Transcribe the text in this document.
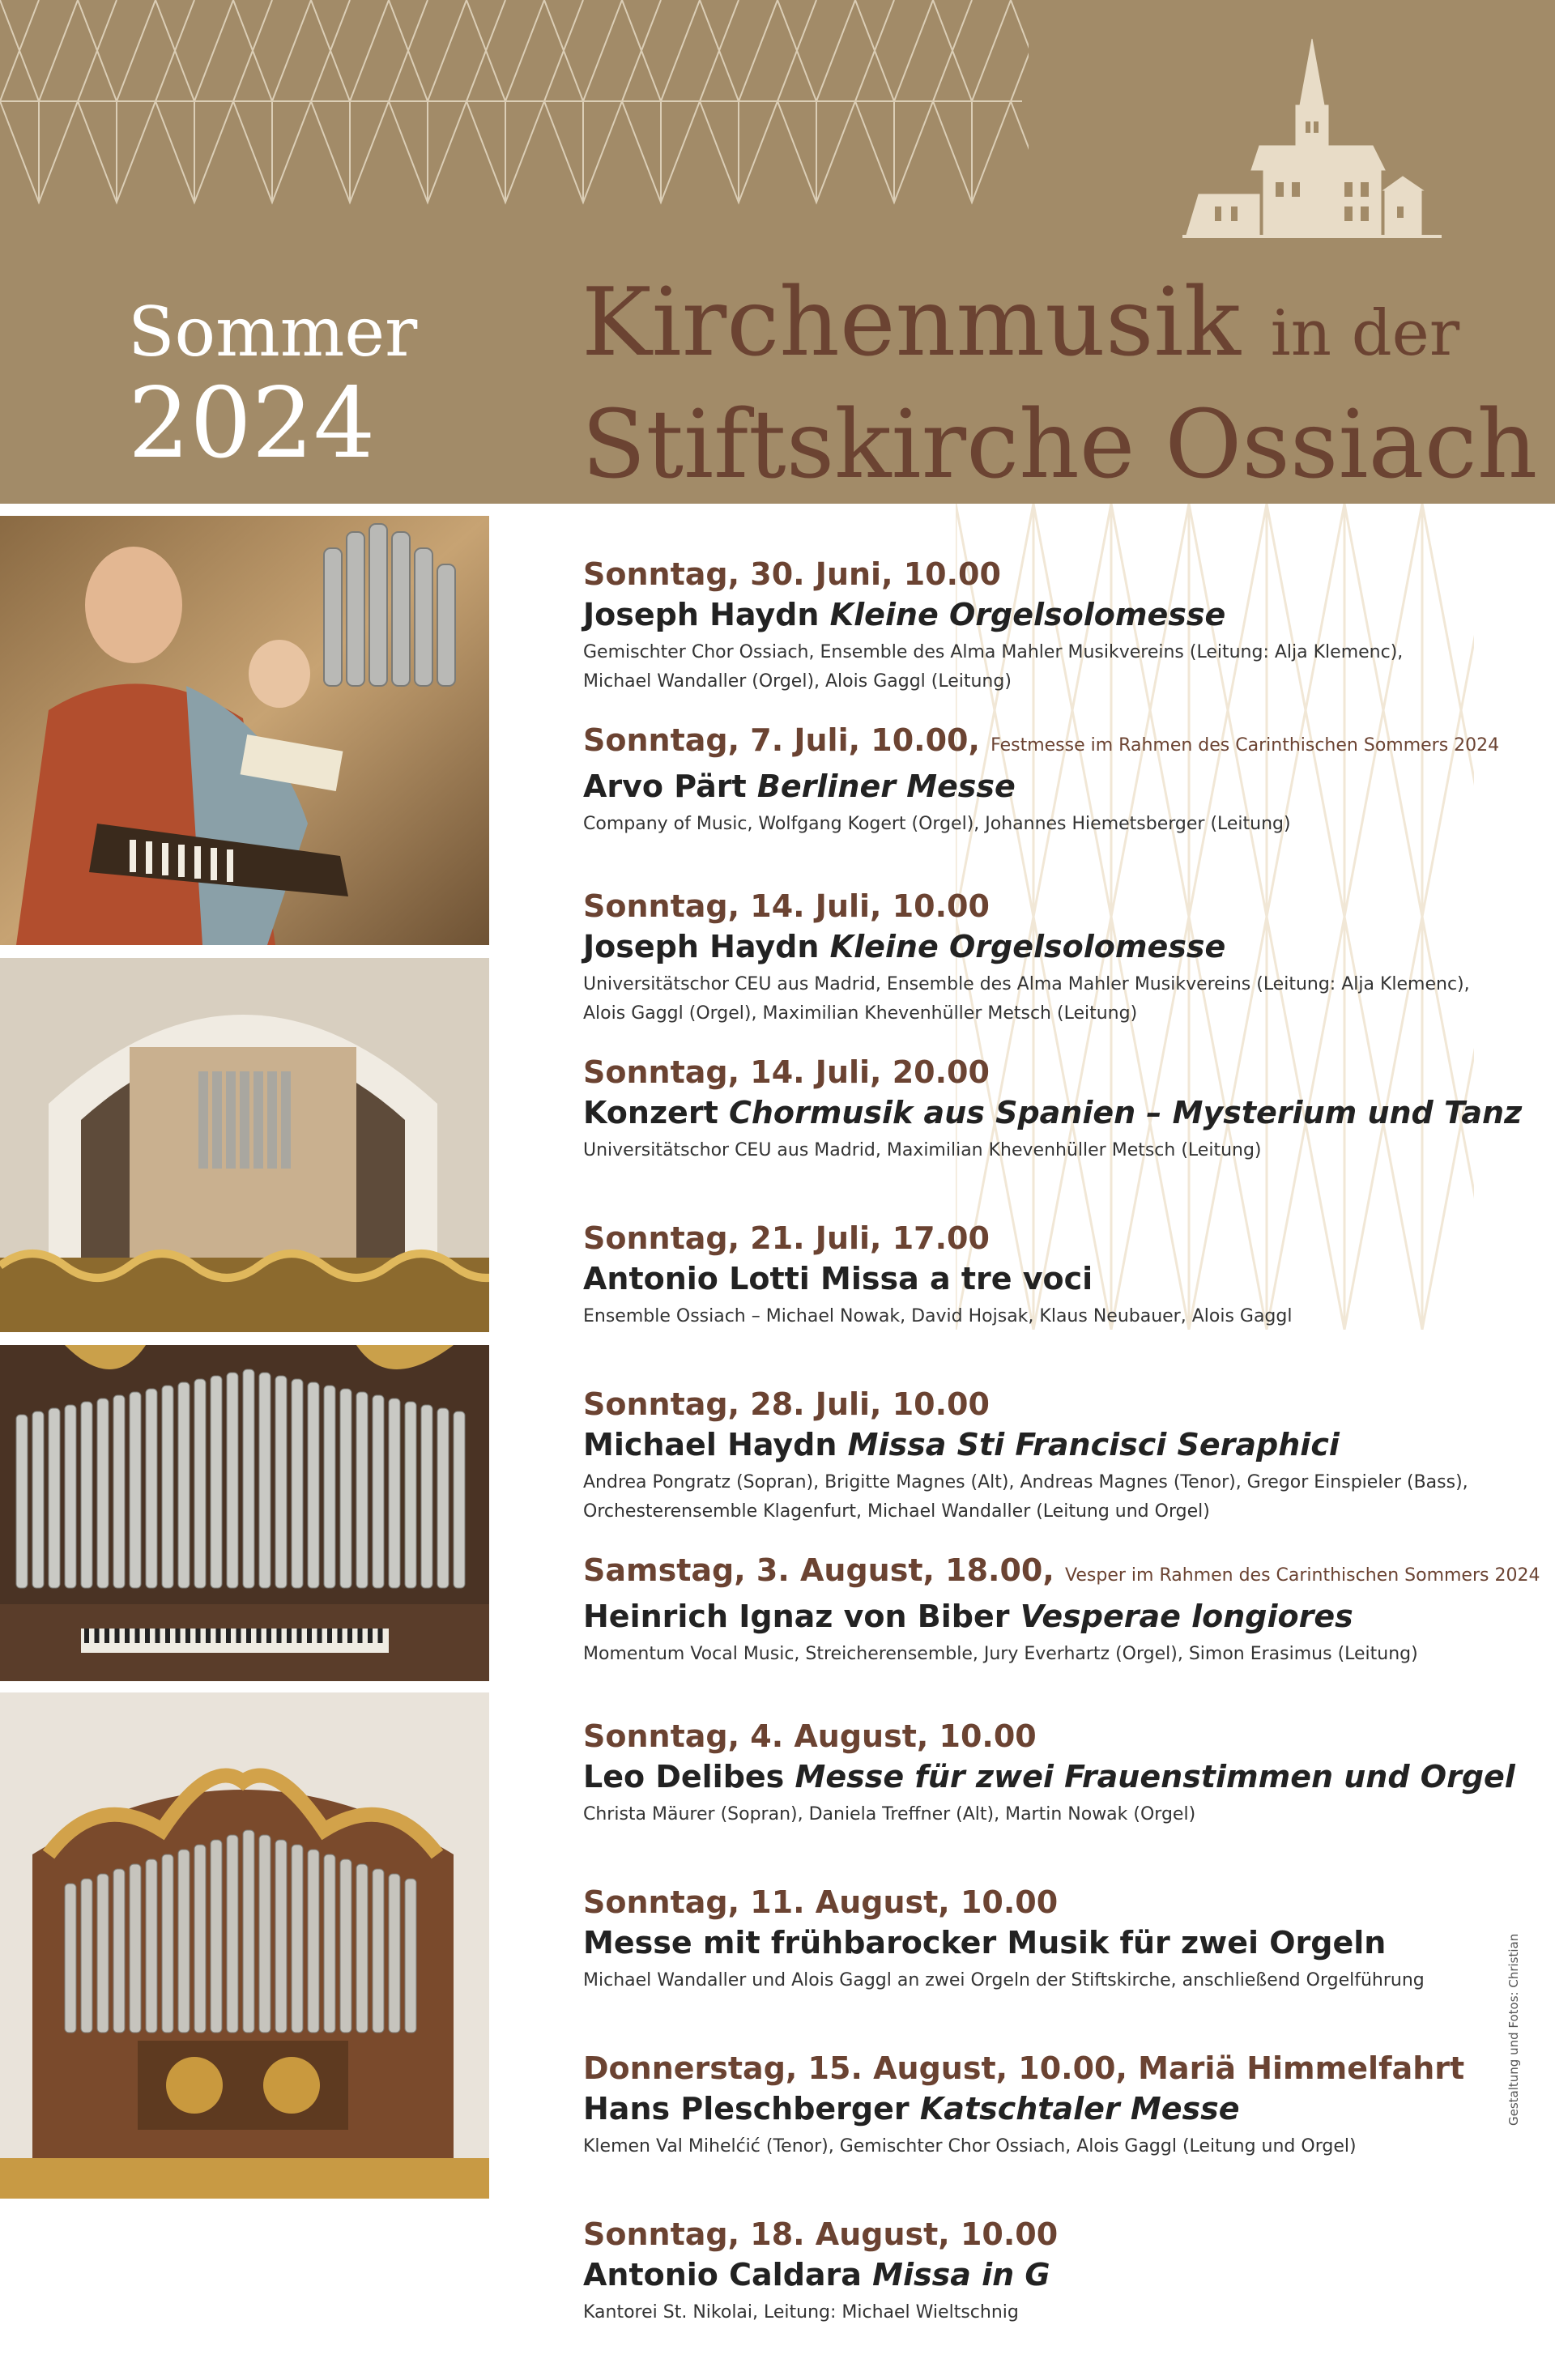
Sommer
2024
Kirchenmusik in der
Stiftskirche Ossiach
Sonntag, 30. Juni, 10.00
Joseph Haydn Kleine Orgelsolomesse
Gemischter Chor Ossiach, Ensemble des Alma Mahler Musikvereins (Leitung: Alja Klemenc),
Michael Wandaller (Orgel), Alois Gaggl (Leitung)
Sonntag, 7. Juli, 10.00, Festmesse im Rahmen des Carinthischen Sommers 2024
Arvo Pärt Berliner Messe
Company of Music, Wolfgang Kogert (Orgel), Johannes Hiemetsberger (Leitung)
Sonntag, 14. Juli, 10.00
Joseph Haydn Kleine Orgelsolomesse
Universitätschor CEU aus Madrid, Ensemble des Alma Mahler Musikvereins (Leitung: Alja Klemenc),
Alois Gaggl (Orgel), Maximilian Khevenhüller Metsch (Leitung)
Sonntag, 14. Juli, 20.00
Konzert Chormusik aus Spanien – Mysterium und Tanz
Universitätschor CEU aus Madrid, Maximilian Khevenhüller Metsch (Leitung)
Sonntag, 21. Juli, 17.00
Antonio Lotti Missa a tre voci
Ensemble Ossiach – Michael Nowak, David Hojsak, Klaus Neubauer, Alois Gaggl
Sonntag, 28. Juli, 10.00
Michael Haydn Missa Sti Francisci Seraphici
Andrea Pongratz (Sopran), Brigitte Magnes (Alt), Andreas Magnes (Tenor), Gregor Einspieler (Bass),
Orchesterensemble Klagenfurt, Michael Wandaller (Leitung und Orgel)
Samstag, 3. August, 18.00, Vesper im Rahmen des Carinthischen Sommers 2024
Heinrich Ignaz von Biber Vesperae longiores
Momentum Vocal Music, Streicherensemble, Jury Everhartz (Orgel), Simon Erasimus (Leitung)
Sonntag, 4. August, 10.00
Leo Delibes Messe für zwei Frauenstimmen und Orgel
Christa Mäurer (Sopran), Daniela Treffner (Alt), Martin Nowak (Orgel)
Sonntag, 11. August, 10.00
Messe mit frühbarocker Musik für zwei Orgeln
Michael Wandaller und Alois Gaggl an zwei Orgeln der Stiftskirche, anschließend Orgelführung
Donnerstag, 15. August, 10.00, Mariä Himmelfahrt
Hans Pleschberger Katschtaler Messe
Klemen Val Mihelćić (Tenor), Gemischter Chor Ossiach, Alois Gaggl (Leitung und Orgel)
Sonntag, 18. August, 10.00
Antonio Caldara Missa in G
Kantorei St. Nikolai, Leitung: Michael Wieltschnig
Gestaltung und Fotos: Christian
